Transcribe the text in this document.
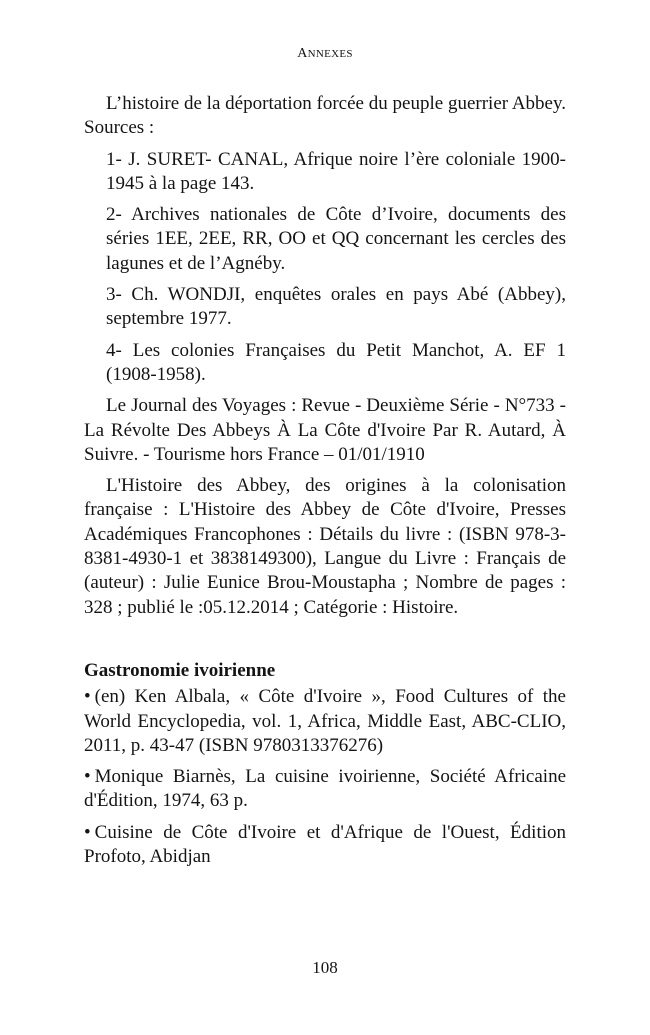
ANNEXES

L’histoire de la déportation forcée du peuple guerrier Abbey. Sources :

1- J. SURET- CANAL, Afrique noire l’ère coloniale 1900-1945 à la page 143.

2- Archives nationales de Côte d’Ivoire, documents des séries 1EE, 2EE, RR, OO et QQ concernant les cercles des lagunes et de l’Agnéby.

3- Ch. WONDJI, enquêtes orales en pays Abé (Abbey), septembre 1977.

4- Les colonies Françaises du Petit Manchot, A. EF 1 (1908-1958).

Le Journal des Voyages : Revue - Deuxième Série - N°733 - La Révolte Des Abbeys À La Côte d'Ivoire Par R. Autard, À Suivre. - Tourisme hors France – 01/01/1910

L'Histoire des Abbey, des origines à la colonisation française : L'Histoire des Abbey de Côte d'Ivoire, Presses Académiques Francophones : Détails du livre : (ISBN 978-3-8381-4930-1 et 3838149300), Langue du Livre : Français de (auteur) : Julie Eunice Brou-Moustapha ; Nombre de pages : 328 ; publié le :05.12.2014 ; Catégorie : Histoire.

Gastronomie ivoirienne

• (en) Ken Albala, « Côte d'Ivoire », Food Cultures of the World Encyclopedia, vol. 1, Africa, Middle East, ABC-CLIO, 2011, p. 43-47 (ISBN 9780313376276)

• Monique Biarnès, La cuisine ivoirienne, Société Africaine d'Édition, 1974, 63 p.

• Cuisine de Côte d'Ivoire et d'Afrique de l'Ouest, Édition Profoto, Abidjan

108
